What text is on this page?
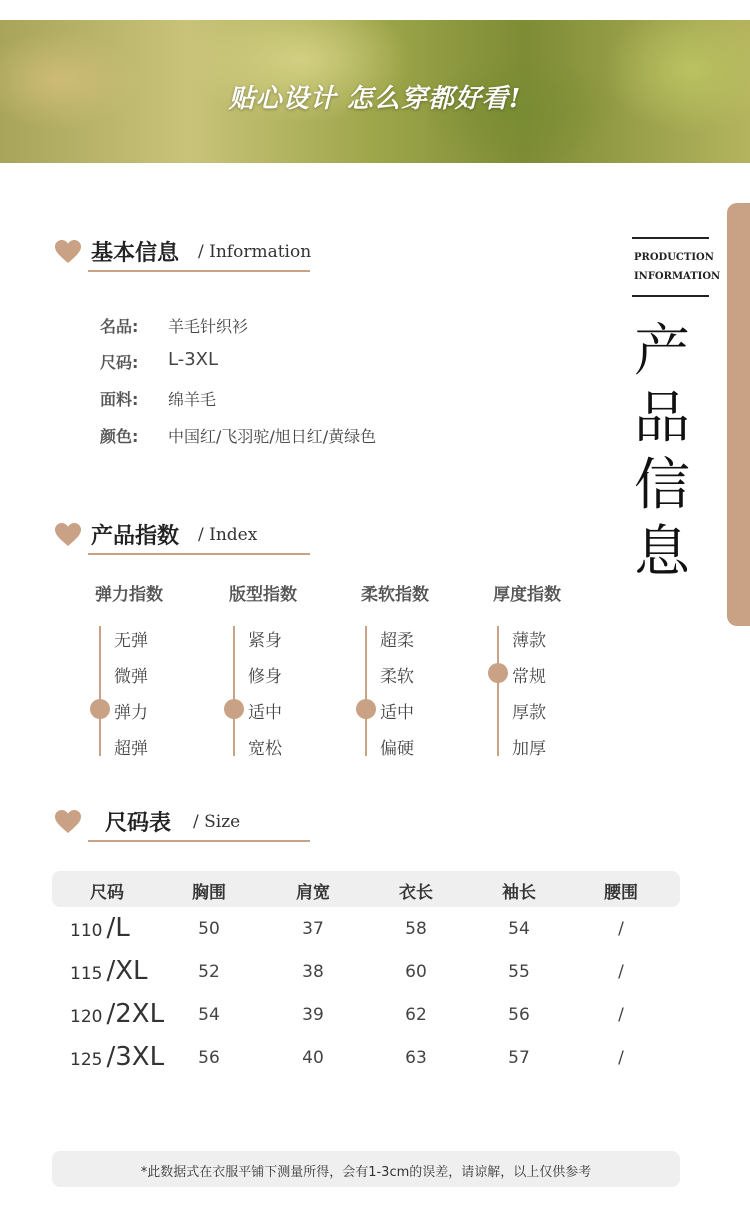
贴心设计 怎么穿都好看!
PRODUCTION
INFORMATION
产
品
信
息
基本信息 / Information
名品: 羊毛针织衫
尺码: L-3XL
面料: 绵羊毛
颜色: 中国红/飞羽驼/旭日红/黄绿色
产品指数 / Index
弹力指数
无弹
微弹
弹力
超弹
版型指数
紧身
修身
适中
宽松
柔软指数
超柔
柔软
适中
偏硬
厚度指数
薄款
常规
厚款
加厚
尺码表 / Size
尺码	胸围	肩宽	衣长	袖长	腰围
110 /L	50	37	58	54	/
115 /XL	52	38	60	55	/
120 /2XL	54	39	62	56	/
125 /3XL	56	40	63	57	/
*此数据式在衣服平铺下测量所得，会有1-3cm的误差，请谅解，以上仅供参考
